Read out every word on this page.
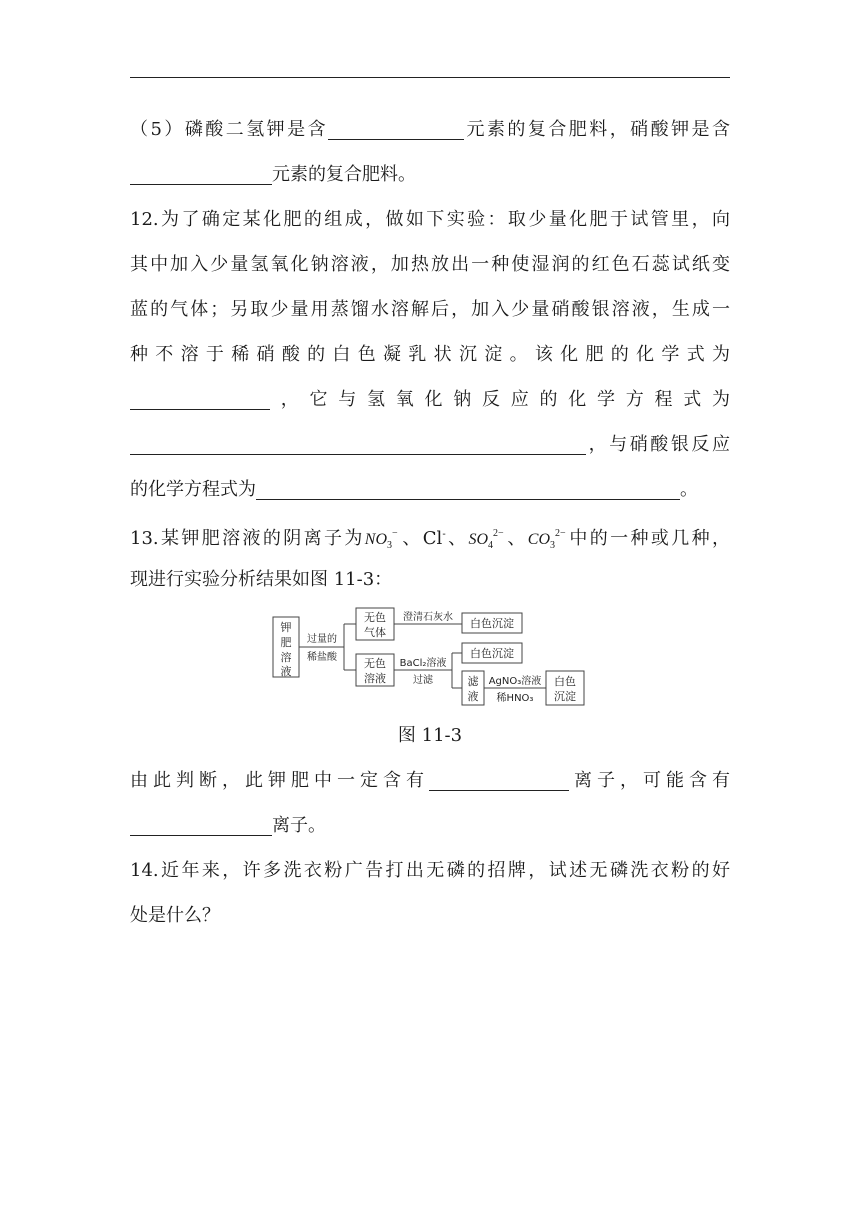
（5）磷酸二氢钾是含	元素的复合肥料，硝酸钾是含
元素的复合肥料。
12.为了确定某化肥的组成，做如下实验：取少量化肥于试管里，向
其中加入少量氢氧化钠溶液，加热放出一种使湿润的红色石蕊试纸变
蓝的气体；另取少量用蒸馏水溶解后，加入少量硝酸银溶液，生成一
种不溶于稀硝酸的白色凝乳状沉淀。该化肥的化学式为
，它与氢氧化钠反应的化学方程式为
，与硝酸银反应
的化学方程式为	。
13.某钾肥溶液的阴离子为$NO_3$
− 、Cl-、$SO_4$
2− 、$CO_3$
2− 中的一种或几种，
现进行实验分析结果如图 11-3：
钾
肥
溶
液
过量的
稀盐酸
无色
气体
澄清石灰水 白色沉淀
无色
溶液
BaCl₂溶液
过滤
白色沉淀
滤
液
AgNO₃溶液
稀HNO₃
白色
沉淀
图 11-3
由此判断，此钾肥中一定含有	离子，可能含有
离子。
14.近年来，许多洗衣粉广告打出无磷的招牌，试述无磷洗衣粉的好
处是什么？
